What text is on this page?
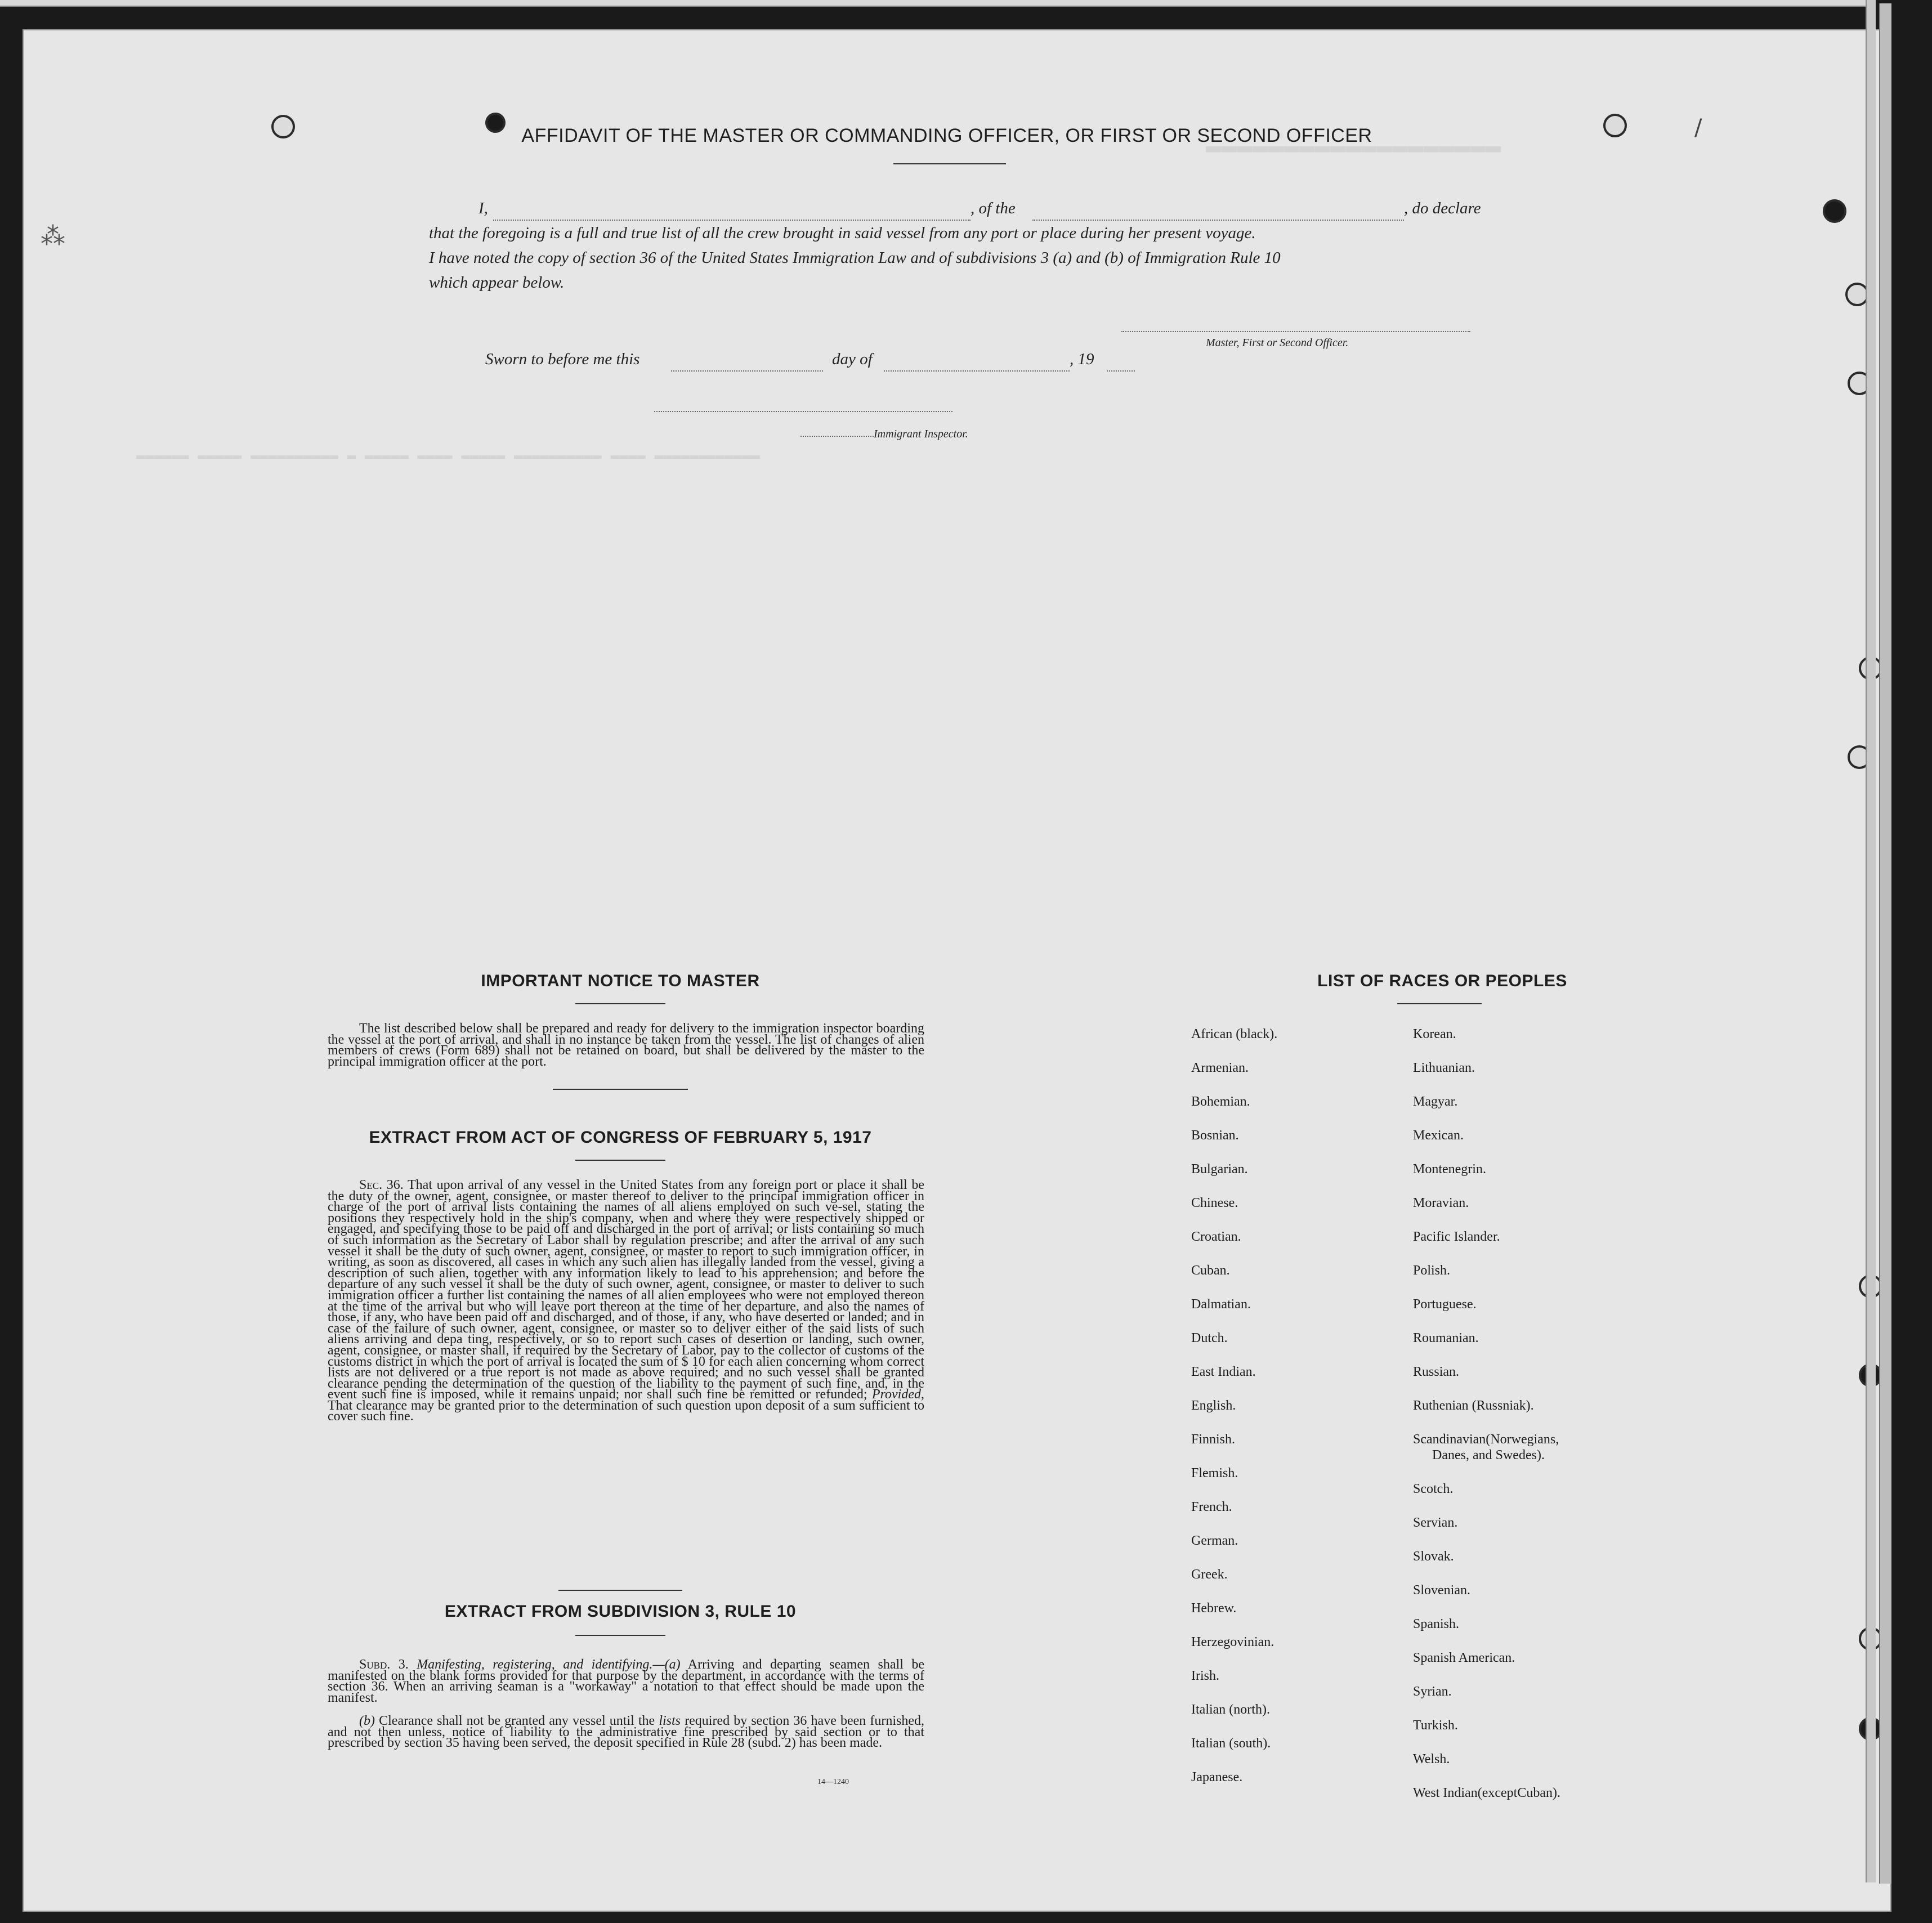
▬▬▬▬▬▬▬▬▬▬▬▬▬▬▬▬▬▬▬
▬▬▬▬▬▬ ▬▬▬▬▬ ▬▬▬▬▬▬▬▬▬▬ ▬ ▬▬▬▬▬ ▬▬▬▬ ▬▬▬▬▬ ▬▬▬▬▬▬▬▬▬▬ ▬▬▬▬ ▬▬▬▬▬▬▬▬▬▬▬▬
/
⁂
AFFIDAVIT OF THE MASTER OR COMMANDING OFFICER, OR FIRST OR SECOND OFFICER
I,	, of the	, do declare
that the foregoing is a full and true list of all the crew brought in said vessel from any port or place during her present voyage.
I have noted the copy of section 36 of the United States Immigration Law and of subdivisions 3 (a) and (b) of Immigration Rule 10
which appear below.
Master, First or Second Officer.
Sworn to before me this	day of	, 19
Immigrant Inspector.
IMPORTANT NOTICE TO MASTER
The list described below shall be prepared and ready for delivery to the immigration inspector boarding the vessel at the port of arrival, and shall in no instance be taken from the vessel. The list of changes of alien members of crews (Form 689) shall not be retained on board, but shall be delivered by the master to the principal immigration officer at the port.
EXTRACT FROM ACT OF CONGRESS OF FEBRUARY 5, 1917
Sec. 36. That upon arrival of any vessel in the United States from any foreign port or place it shall be the duty of the owner, agent, consignee, or master thereof to deliver to the principal immigration officer in charge of the port of arrival lists containing the names of all aliens employed on such ve-sel, stating the positions they respectively hold in the ship's company, when and where they were respectively shipped or engaged, and specifying those to be paid off and discharged in the port of arrival; or lists containing so much of such information as the Secretary of Labor shall by regulation prescribe; and after the arrival of any such vessel it shall be the duty of such owner, agent, consignee, or master to report to such immigration officer, in writing, as soon as discovered, all cases in which any such alien has illegally landed from the vessel, giving a description of such alien, together with any information likely to lead to his apprehension; and before the departure of any such vessel it shall be the duty of such owner, agent, consignee, or master to deliver to such immigration officer a further list containing the names of all alien employees who were not employed thereon at the time of the arrival but who will leave port thereon at the time of her departure, and also the names of those, if any, who have been paid off and discharged, and of those, if any, who have deserted or landed; and in case of the failure of such owner, agent, consignee, or master so to deliver either of the said lists of such aliens arriving and depa ting, respectively, or so to report such cases of desertion or landing, such owner, agent, consignee, or master shall, if required by the Secretary of Labor, pay to the collector of customs of the customs district in which the port of arrival is located the sum of $ 10 for each alien concerning whom correct lists are not delivered or a true report is not made as above required; and no such vessel shall be granted clearance pending the determination of the question of the liability to the payment of such fine, and, in the event such fine is imposed, while it remains unpaid; nor shall such fine be remitted or refunded; Provided, That clearance may be granted prior to the determination of such question upon deposit of a sum sufficient to cover such fine.
EXTRACT FROM SUBDIVISION 3, RULE 10
Subd. 3. Manifesting, registering, and identifying.—(a) Arriving and departing seamen shall be manifested on the blank forms provided for that purpose by the department, in accordance with the terms of section 36. When an arriving seaman is a "workaway" a notation to that effect should be made upon the manifest.
(b) Clearance shall not be granted any vessel until the lists required by section 36 have been furnished, and not then unless, notice of liability to the administrative fine prescribed by said section or to that prescribed by section 35 having been served, the deposit specified in Rule 28 (subd. 2) has been made.
14—1240
LIST OF RACES OR PEOPLES
African (black).
Armenian.
Bohemian.
Bosnian.
Bulgarian.
Chinese.
Croatian.
Cuban.
Dalmatian.
Dutch.
East Indian.
English.
Finnish.
Flemish.
French.
German.
Greek.
Hebrew.
Herzegovinian.
Irish.
Italian (north).
Italian (south).
Japanese.
Korean.
Lithuanian.
Magyar.
Mexican.
Montenegrin.
Moravian.
Pacific Islander.
Polish.
Portuguese.
Roumanian.
Russian.
Ruthenian (Russniak).
Scandinavian(Norwegians,
Danes, and Swedes).
Scotch.
Servian.
Slovak.
Slovenian.
Spanish.
Spanish American.
Syrian.
Turkish.
Welsh.
West Indian(exceptCuban).
